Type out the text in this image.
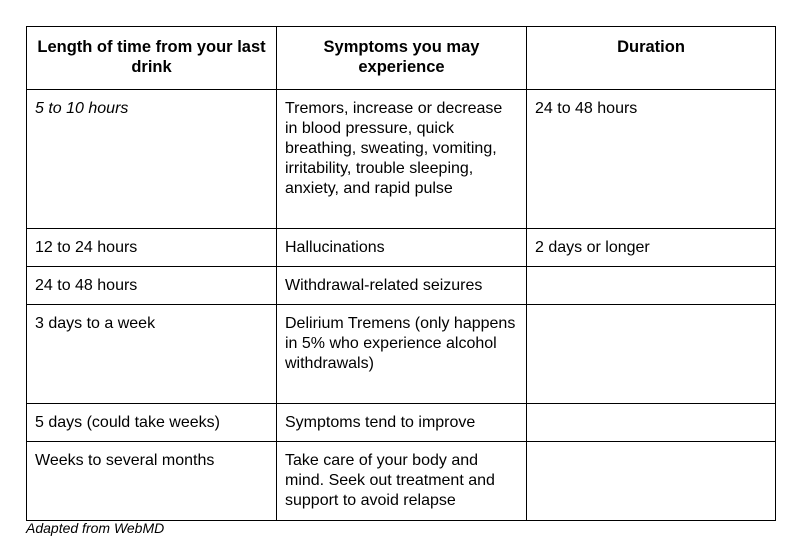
Length of time from your last drink	Symptoms you may experience	Duration
5 to 10 hours	Tremors, increase or decrease in blood pressure, quick breathing, sweating, vomiting, irritability, trouble sleeping, anxiety, and rapid pulse	24 to 48 hours
12 to 24 hours	Hallucinations	2 days or longer
24 to 48 hours	Withdrawal-related seizures	
3 days to a week	Delirium Tremens (only happens in 5% who experience alcohol withdrawals)	
5 days (could take weeks)	Symptoms tend to improve	
Weeks to several months	Take care of your body and mind. Seek out treatment and support to avoid relapse	
Adapted from WebMD
